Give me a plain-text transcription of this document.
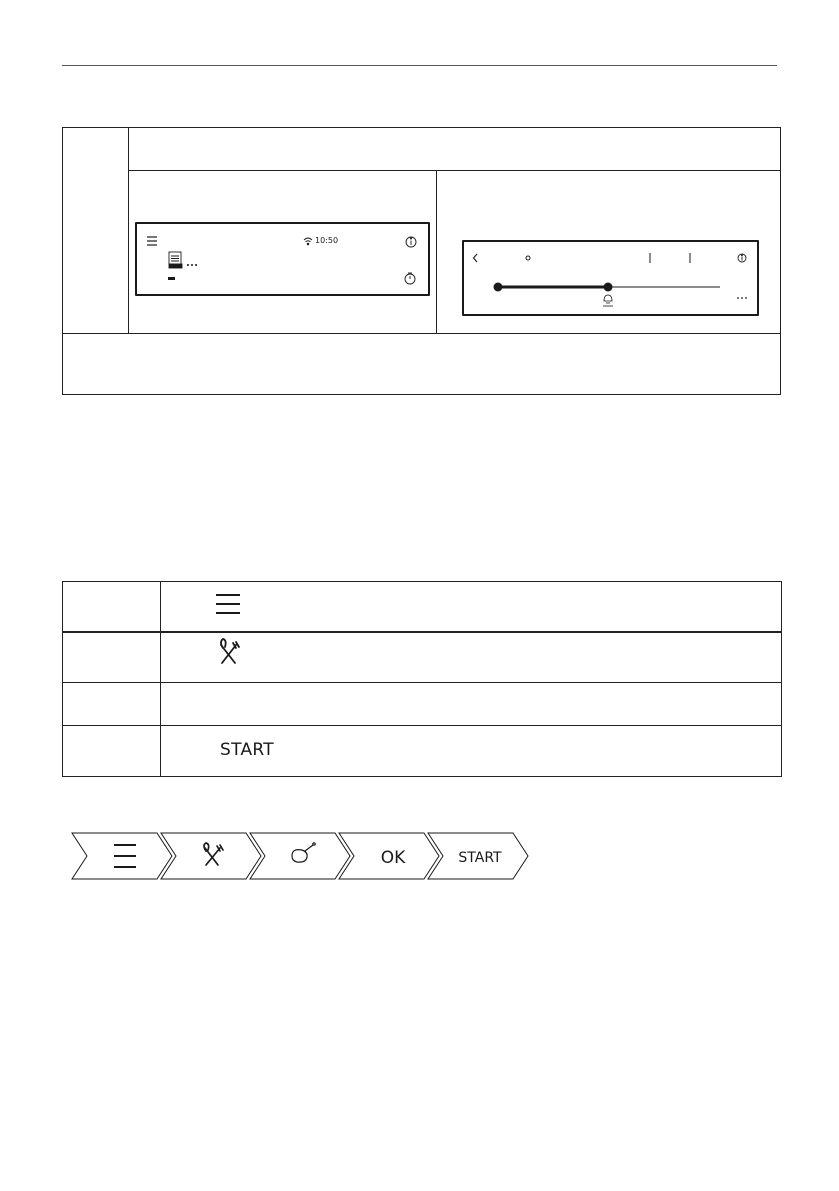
10:50
START
OK	START
